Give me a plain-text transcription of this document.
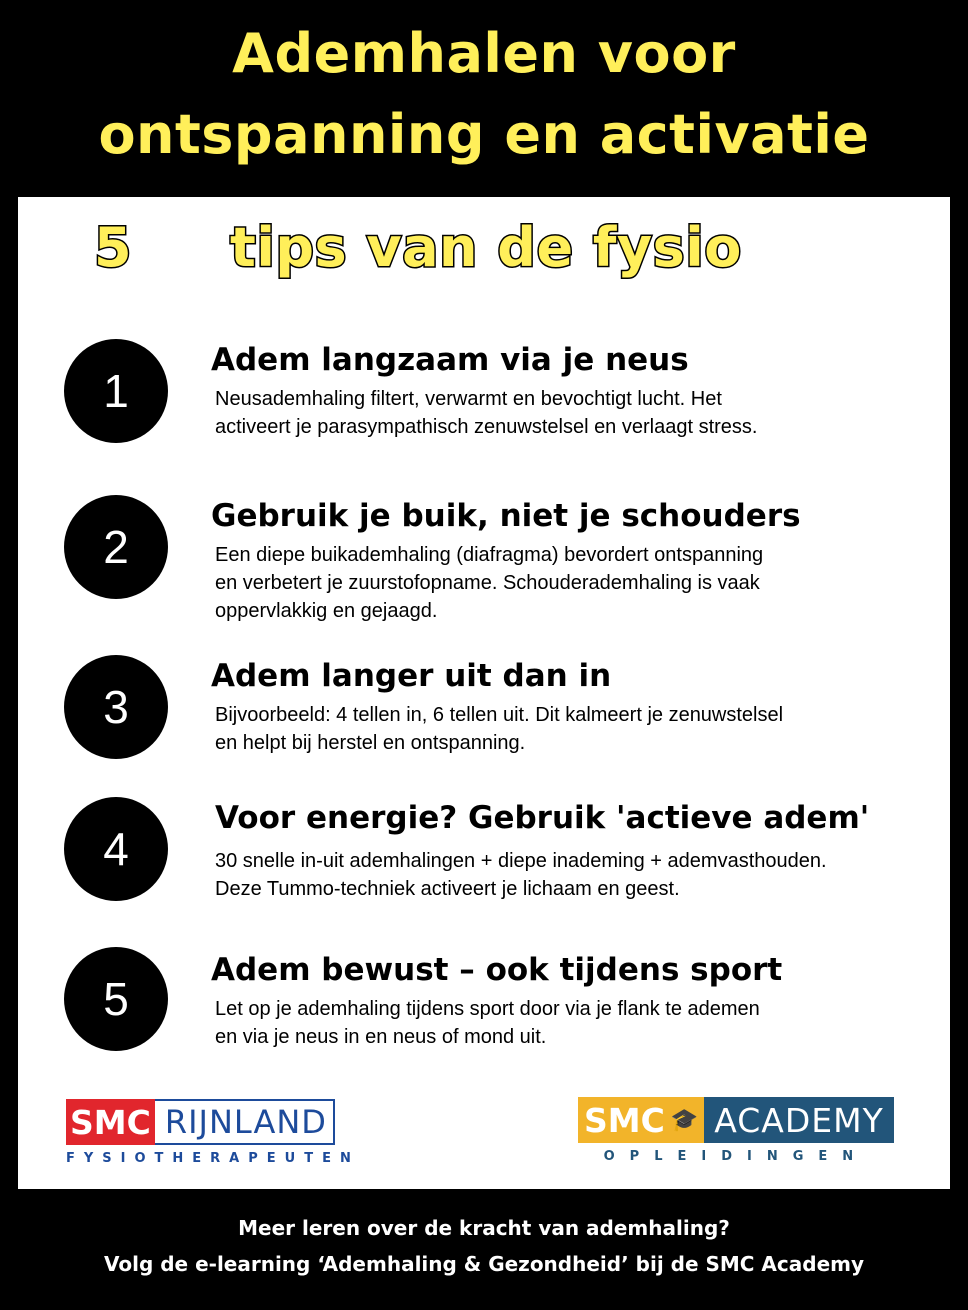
Ademhalen voor
ontspanning en activatie
5 tips van de fysio
1
Adem langzaam via je neus
Neusademhaling filtert, verwarmt en bevochtigt lucht. Het
activeert je parasympathisch zenuwstelsel en verlaagt stress.
2
Gebruik je buik, niet je schouders
Een diepe buikademhaling (diafragma) bevordert ontspanning
en verbetert je zuurstofopname. Schouderademhaling is vaak
oppervlakkig en gejaagd.
3
Adem langer uit dan in
Bijvoorbeeld: 4 tellen in, 6 tellen uit. Dit kalmeert je zenuwstelsel
en helpt bij herstel en ontspanning.
4
Voor energie? Gebruik 'actieve adem'
30 snelle in-uit ademhalingen + diepe inademing + ademvasthouden.
Deze Tummo-techniek activeert je lichaam en geest.
5
Adem bewust – ook tijdens sport
Let op je ademhaling tijdens sport door via je flank te ademen
en via je neus in en neus of mond uit.
SMC RIJNLAND
FYSIOTHERAPEUTEN
SMC 🎓 ACADEMY
OPLEIDINGEN
Meer leren over de kracht van ademhaling?
Volg de e-learning ‘Ademhaling & Gezondheid’ bij de SMC Academy
